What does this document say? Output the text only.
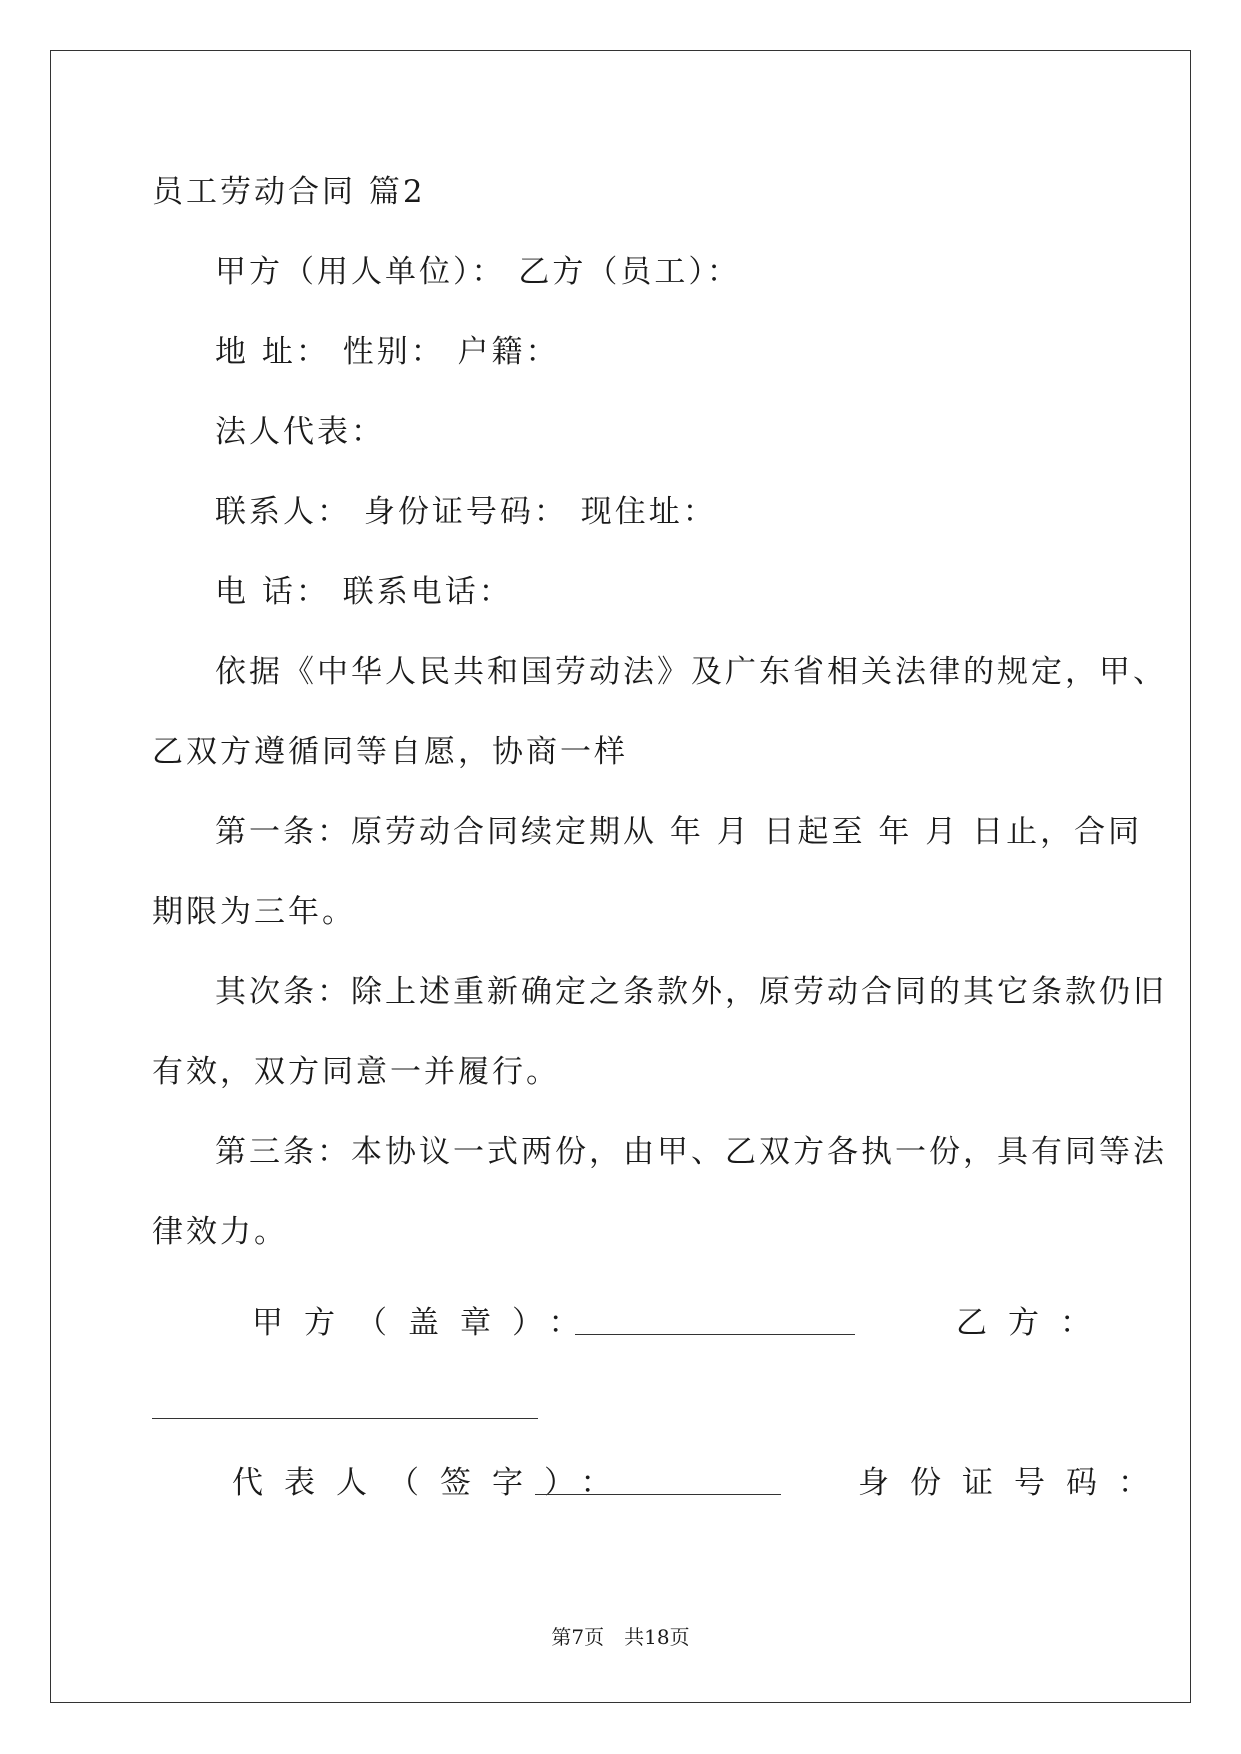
员工劳动合同 篇2
甲方（用人单位）： 乙方（员工）：
地 址： 性别： 户籍：
法人代表：
联系人： 身份证号码： 现住址：
电 话： 联系电话：
依据《中华人民共和国劳动法》及广东省相关法律的规定，甲、
乙双方遵循同等自愿，协商一样
第一条：原劳动合同续定期从 年 月 日起至 年 月 日止，合同
期限为三年。
其次条：除上述重新确定之条款外，原劳动合同的其它条款仍旧
有效，双方同意一并履行。
第三条：本协议一式两份，由甲、乙双方各执一份，具有同等法
律效力。
甲方（盖章）：	乙方：
代表人（签字）：	身份证号码：
第7页　共18页
